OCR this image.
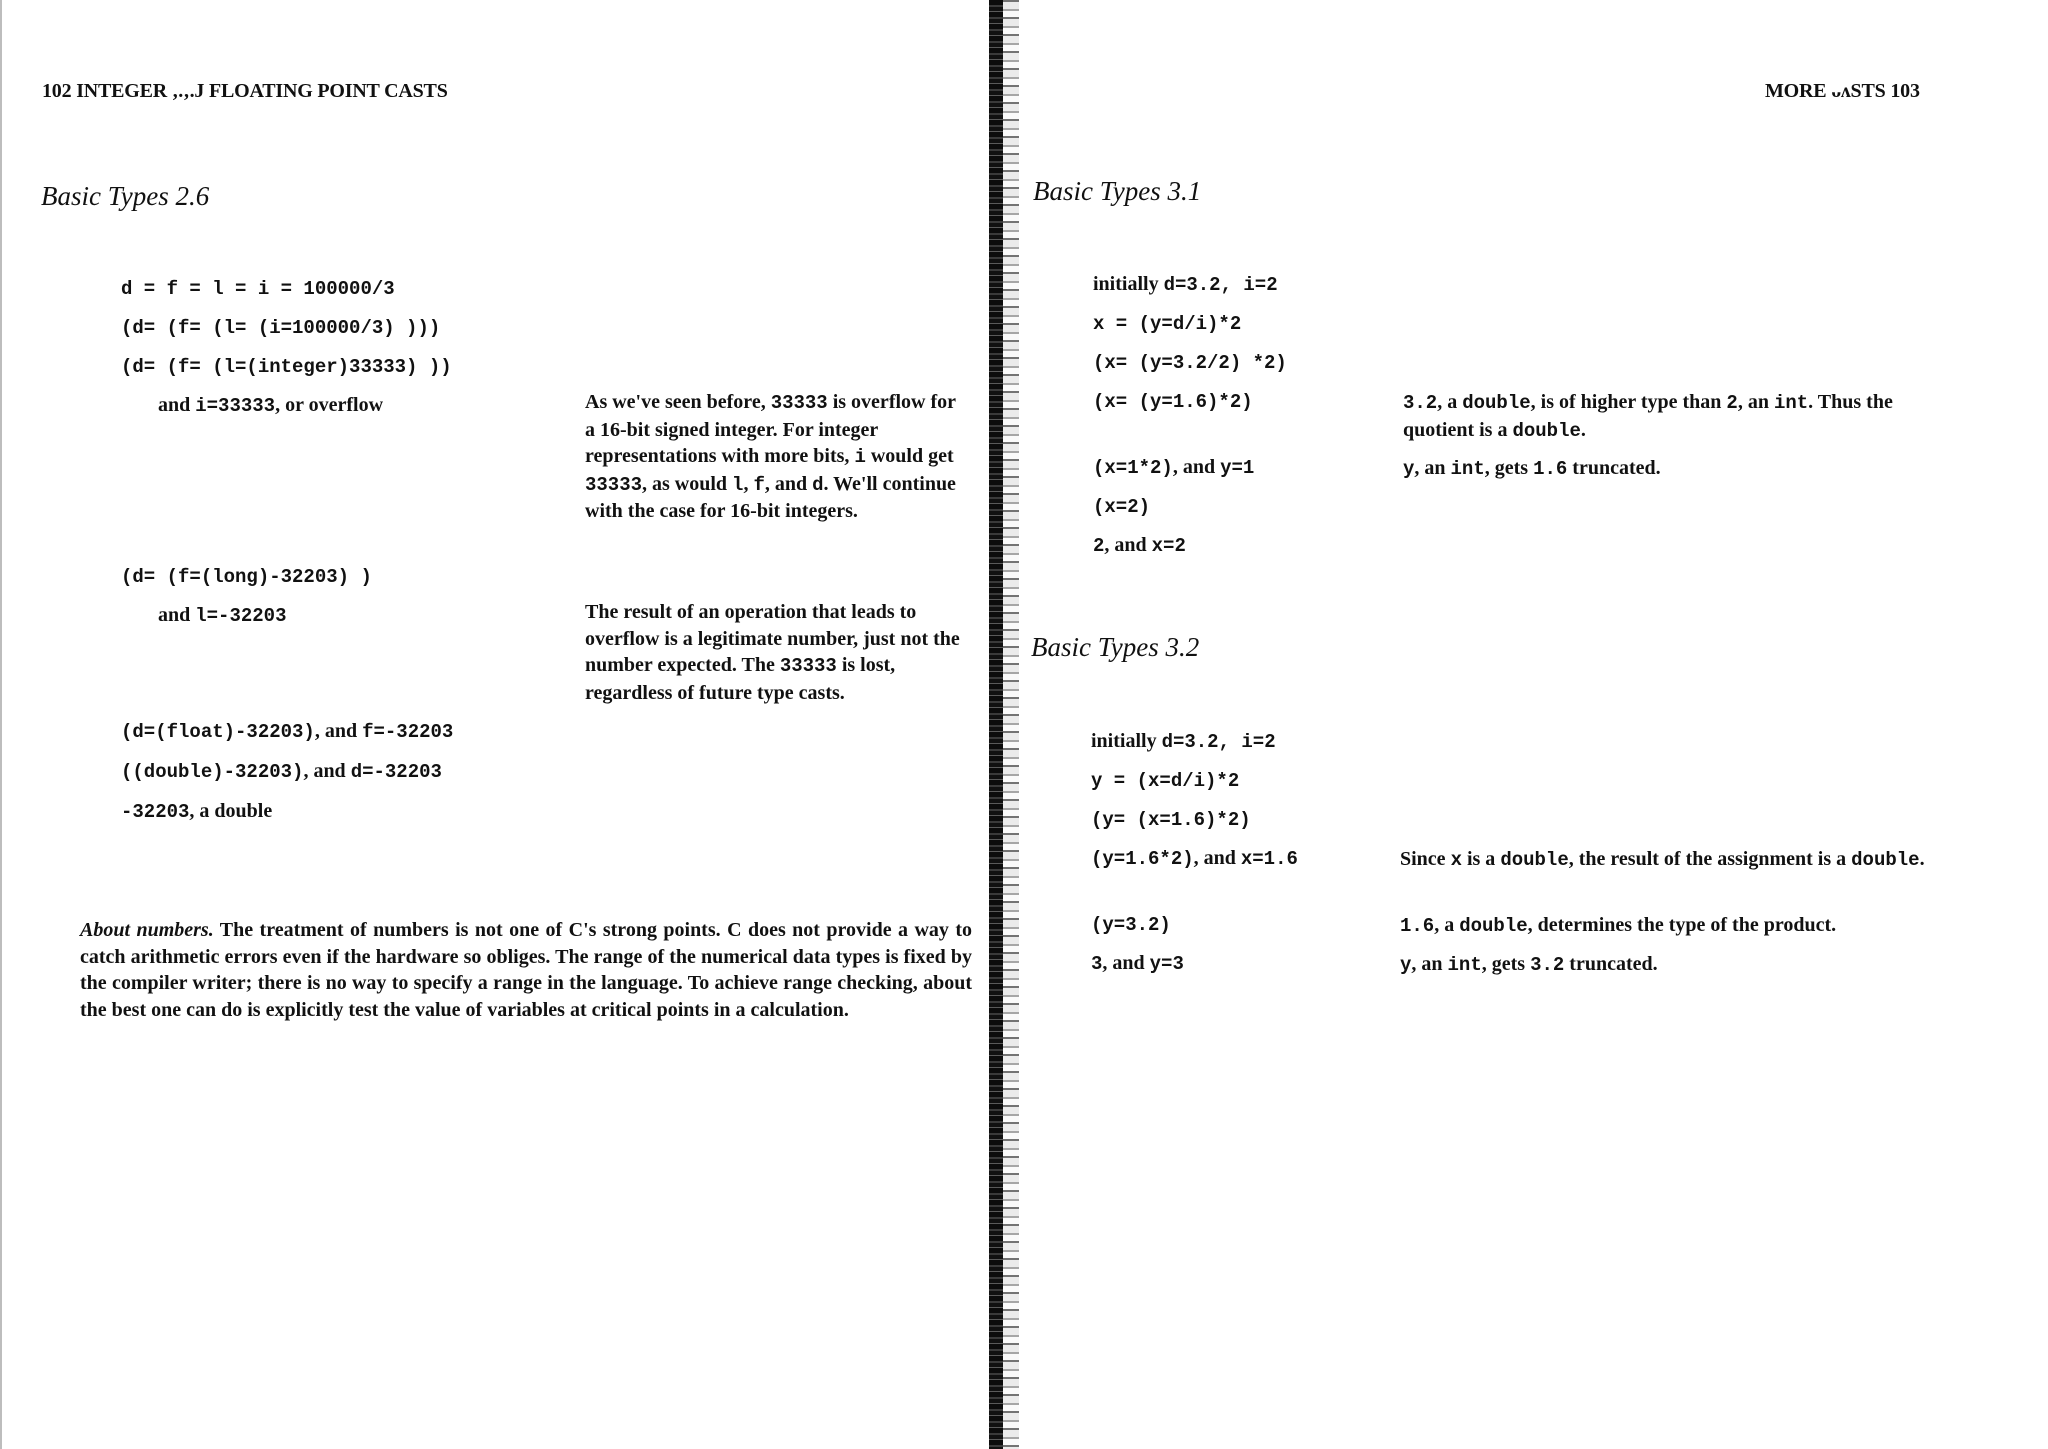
102 INTEGER ‚.‚.J FLOATING POINT CASTS
Basic Types 2.6
d = f = l = i = 100000/3
(d= (f= (l= (i=100000/3) )))
(d= (f= (l=(integer)33333) ))
and i=33333, or overflow	As we've seen before, 33333 is overflow for a 16-bit signed integer. For integer representations with more bits, i would get 33333, as would l, f, and d. We'll continue with the case for 16-bit integers.
(d= (f=(long)-32203) )
and l=-32203	The result of an operation that leads to overflow is a legitimate number, just not the number expected. The 33333 is lost, regardless of future type casts.
(d=(float)-32203), and f=-32203
((double)-32203), and d=-32203
-32203, a double
About numbers. The treatment of numbers is not one of C's strong points. C does not provide a way to catch arithmetic errors even if the hardware so obliges. The range of the numerical data types is fixed by the compiler writer; there is no way to specify a range in the language. To achieve range checking, about the best one can do is explicitly test the value of variables at critical points in a calculation.
MORE ᴗᴧSTS 103
Basic Types 3.1
initially d=3.2, i=2
x = (y=d/i)*2
(x= (y=3.2/2) *2)
(x= (y=1.6)*2)
(x=1*2), and y=1
(x=2)
2, and x=2
3.2, a double, is of higher type than 2, an int. Thus the quotient is a double.
y, an int, gets 1.6 truncated.
Basic Types 3.2
initially d=3.2, i=2
y = (x=d/i)*2
(y= (x=1.6)*2)
(y=1.6*2), and x=1.6
(y=3.2)
3, and y=3
Since x is a double, the result of the assignment is a double.
1.6, a double, determines the type of the product.
y, an int, gets 3.2 truncated.
